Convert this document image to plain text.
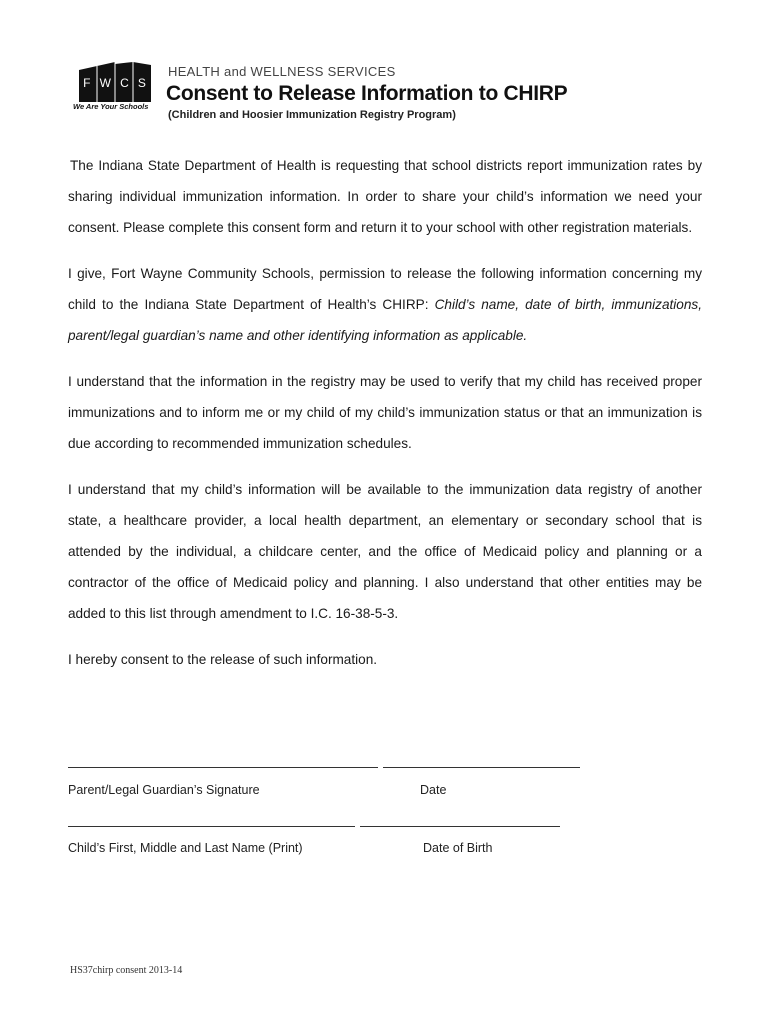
F W C S
We Are Your Schools
HEALTH and WELLNESS SERVICES
Consent to Release Information to CHIRP
(Children and Hoosier Immunization Registry Program)

The Indiana State Department of Health is requesting that school districts report immunization rates by sharing individual immunization information. In order to share your child’s information we need your consent. Please complete this consent form and return it to your school with other registration materials.

I give, Fort Wayne Community Schools, permission to release the following information concerning my child to the Indiana State Department of Health’s CHIRP: Child’s name, date of birth, immunizations, parent/legal guardian’s name and other identifying information as applicable.

I understand that the information in the registry may be used to verify that my child has received proper immunizations and to inform me or my child of my child’s immunization status or that an immunization is due according to recommended immunization schedules.

I understand that my child’s information will be available to the immunization data registry of another state, a healthcare provider, a local health department, an elementary or secondary school that is attended by the individual, a childcare center, and the office of Medicaid policy and planning or a contractor of the office of Medicaid policy and planning. I also understand that other entities may be added to this list through amendment to I.C. 16-38-5-3.

I hereby consent to the release of such information.

Parent/Legal Guardian’s Signature	Date
Child’s First, Middle and Last Name (Print)	Date of Birth
HS37chirp consent 2013-14
